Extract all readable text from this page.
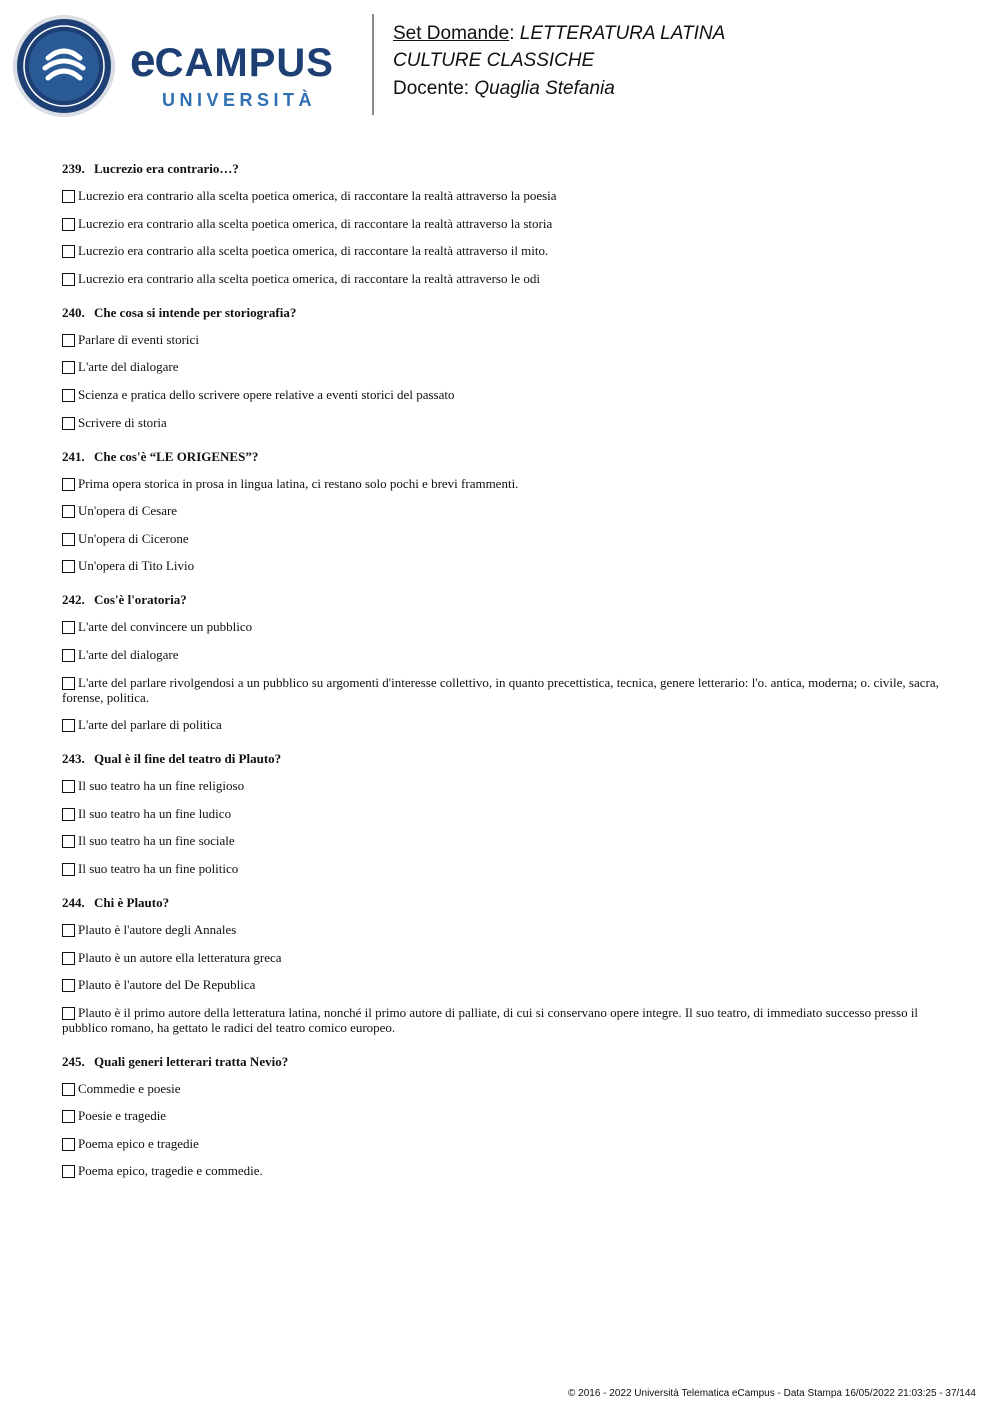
eCAMPUS
UNIVERSITÀ
Set Domande: LETTERATURA LATINA
CULTURE CLASSICHE
Docente: Quaglia Stefania
239. Lucrezio era contrario…?
Lucrezio era contrario alla scelta poetica omerica, di raccontare la realtà attraverso la poesia
Lucrezio era contrario alla scelta poetica omerica, di raccontare la realtà attraverso la storia
Lucrezio era contrario alla scelta poetica omerica, di raccontare la realtà attraverso il mito.
Lucrezio era contrario alla scelta poetica omerica, di raccontare la realtà attraverso le odi
240. Che cosa si intende per storiografia?
Parlare di eventi storici
L'arte del dialogare
Scienza e pratica dello scrivere opere relative a eventi storici del passato
Scrivere di storia
241. Che cos'è “LE ORIGENES”?
Prima opera storica in prosa in lingua latina, ci restano solo pochi e brevi frammenti.
Un'opera di Cesare
Un'opera di Cicerone
Un'opera di Tito Livio
242. Cos'è l'oratoria?
L'arte del convincere un pubblico
L'arte del dialogare
L'arte del parlare rivolgendosi a un pubblico su argomenti d'interesse collettivo, in quanto precettistica, tecnica, genere letterario: l'o. antica, moderna; o. civile, sacra, forense, politica.
L'arte del parlare di politica
243. Qual è il fine del teatro di Plauto?
Il suo teatro ha un fine religioso
Il suo teatro ha un fine ludico
Il suo teatro ha un fine sociale
Il suo teatro ha un fine politico
244. Chi è Plauto?
Plauto è l'autore degli Annales
Plauto è un autore ella letteratura greca
Plauto è l'autore del De Republica
Plauto è il primo autore della letteratura latina, nonché il primo autore di palliate, di cui si conservano opere integre. Il suo teatro, di immediato successo presso il pubblico romano, ha gettato le radici del teatro comico europeo.
245. Quali generi letterari tratta Nevio?
Commedie e poesie
Poesie e tragedie
Poema epico e tragedie
Poema epico, tragedie e commedie.
© 2016 - 2022 Università Telematica eCampus - Data Stampa 16/05/2022 21:03:25 - 37/144
